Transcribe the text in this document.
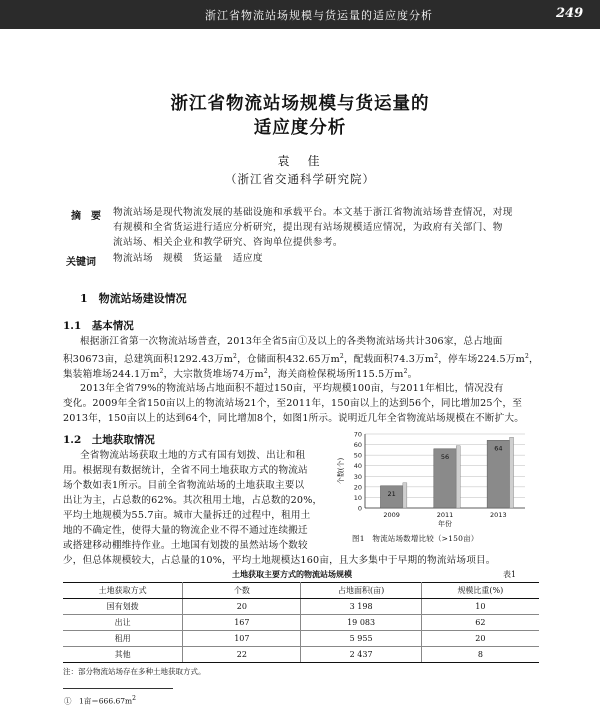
浙江省物流站场规模与货运量的适应度分析	249
浙江省物流站场规模与货运量的
适应度分析
袁　佳
（浙江省交通科学研究院）
摘　要 物流站场是现代物流发展的基础设施和承载平台。本文基于浙江省物流站场普查情况，对现
有规模和全省货运进行适应分析研究，提出现有站场规模适应情况，为政府有关部门、物
流站场、相关企业和教学研究、咨询单位提供参考。
关键词 物流站场　规模　货运量　适应度
1　物流站场建设情况
1.1　基本情况
根据浙江省第一次物流站场普查，2013年全省5亩①及以上的各类物流站场共计306家，总占地面
积30673亩，总建筑面积1292.43万$m^2$，仓储面积432.65万$m^2$，配载面积74.3万$m^2$，停车场224.5万$m^2$，
集装箱堆场244.1万$m^2$，大宗散货堆场74万$m^2$，海关商检保税场所115.5万$m^2$。
2013年全省79%的物流站场占地面积不超过150亩，平均规模100亩，与2011年相比，情况没有
变化。2009年全省150亩以上的物流站场21个，至2011年，150亩以上的达到56个，同比增加25个，至
2013年，150亩以上的达到64个，同比增加8个，如图1所示。说明近几年全省物流站场规模在不断扩大。
1.2　土地获取情况
全省物流站场获取土地的方式有国有划拨、出让和租
用。根据现有数据统计，全省不同土地获取方式的物流站
场个数如表1所示。目前全省物流站场的土地获取主要以
出让为主，占总数的62%。其次租用土地，占总数的20%，
平均土地规模为55.7亩。城市大量拆迁的过程中，租用土
地的不确定性，使得大量的物流企业不得不通过连续搬迁
或搭建移动棚维持作业。土地国有划拨的虽然站场个数较
少，但总体规模较大，占总量的10%，平均土地规模达160亩，且大多集中于早期的物流站场项目。
0
10
20
30
40
50
60
70
21
2009
56
2011
64
2013
年份
个数(个)
图1　物流站场数增比较（>150亩）
土地获取主要方式的物流站场规模	表1
土地获取方式	个数	占地面积(亩)	规模比重(%)
国有划拨	20	3 198	10
出让	167	19 083	62
租用	107	5 955	20
其他	22	2 437	8
注：部分物流站场存在多种土地获取方式。
①　1亩$=666.67m^2$
